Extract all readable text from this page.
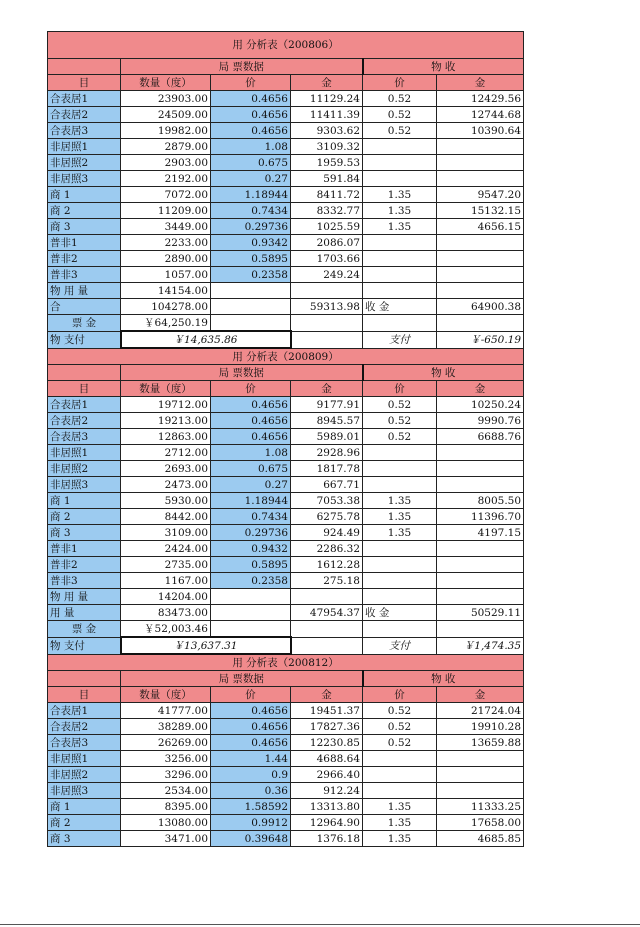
用 分析表（200806）					
	局 票数据			物 收	
目	数量（度）	价	金	价	金
合表居1	23903.00	0.4656	11129.24	0.52	12429.56
合表居2	24509.00	0.4656	11411.39	0.52	12744.68
合表居3	19982.00	0.4656	9303.62	0.52	10390.64
非居照1	2879.00	1.08	3109.32		
非居照2	2903.00	0.675	1959.53		
非居照3	2192.00	0.27	591.84		
商 1	7072.00	1.18944	8411.72	1.35	9547.20
商 2	11209.00	0.7434	8332.77	1.35	15132.15
商 3	3449.00	0.29736	1025.59	1.35	4656.15
普非1	2233.00	0.9342	2086.07		
普非2	2890.00	0.5895	1703.66		
普非3	1057.00	0.2358	249.24		
物 用 量	14154.00				
合	104278.00		59313.98	收 金	64900.38
票 金	￥64,250.19				
物 支付	￥14,635.86			支付	￥-650.19
用 分析表（200809）					
	局 票数据			物 收	
目	数量（度）	价	金	价	金
合表居1	19712.00	0.4656	9177.91	0.52	10250.24
合表居2	19213.00	0.4656	8945.57	0.52	9990.76
合表居3	12863.00	0.4656	5989.01	0.52	6688.76
非居照1	2712.00	1.08	2928.96		
非居照2	2693.00	0.675	1817.78		
非居照3	2473.00	0.27	667.71		
商 1	5930.00	1.18944	7053.38	1.35	8005.50
商 2	8442.00	0.7434	6275.78	1.35	11396.70
商 3	3109.00	0.29736	924.49	1.35	4197.15
普非1	2424.00	0.9432	2286.32		
普非2	2735.00	0.5895	1612.28		
普非3	1167.00	0.2358	275.18		
物 用 量	14204.00				
用 量	83473.00		47954.37	收 金	50529.11
票 金	￥52,003.46				
物 支付	￥13,637.31			支付	￥1,474.35
用 分析表（200812）					
	局 票数据			物 收	
目	数量（度）	价	金	价	金
合表居1	41777.00	0.4656	19451.37	0.52	21724.04
合表居2	38289.00	0.4656	17827.36	0.52	19910.28
合表居3	26269.00	0.4656	12230.85	0.52	13659.88
非居照1	3256.00	1.44	4688.64		
非居照2	3296.00	0.9	2966.40		
非居照3	2534.00	0.36	912.24		
商 1	8395.00	1.58592	13313.80	1.35	11333.25
商 2	13080.00	0.9912	12964.90	1.35	17658.00
商 3	3471.00	0.39648	1376.18	1.35	4685.85
